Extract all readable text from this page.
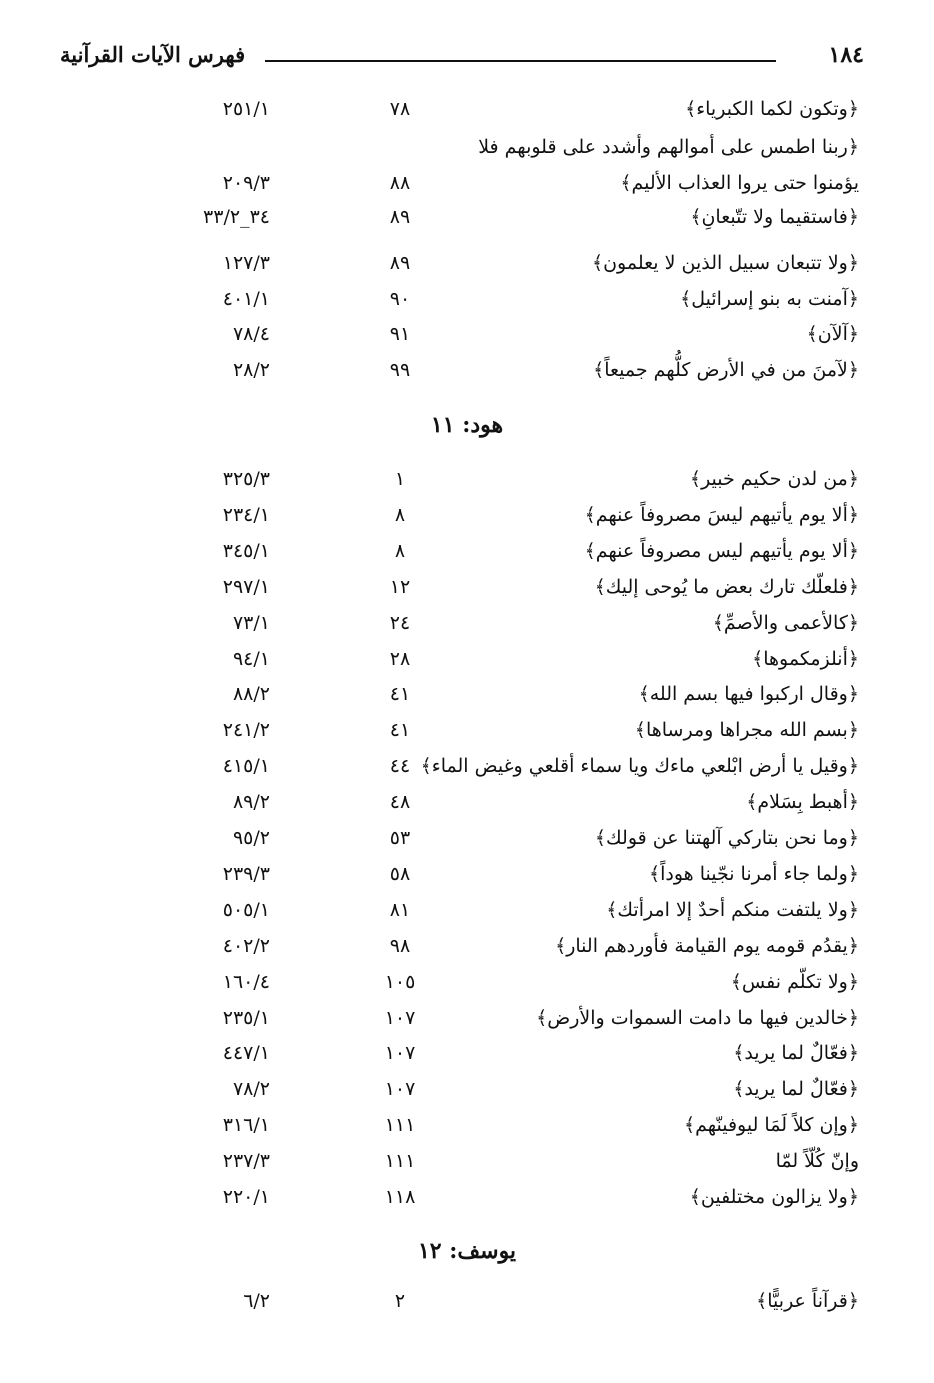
١٨٤
فهرس الآيات القرآنية
﴿وتكون لكما الكبرياء﴾
٧٨
٢٥١/١
﴿ربنا اطمس على أموالهم وأشدد على قلوبهم فلا
يؤمنوا حتى يروا العذاب الأليم﴾
٨٨
٢٠٩/٣
﴿فاستقيما ولا تتّبعانِ﴾
٨٩
٣٤_٣٣/٢
﴿ولا تتبعان سبيل الذين لا يعلمون﴾
٨٩
١٢٧/٣
﴿آمنت به بنو إسرائيل﴾
٩٠
٤٠١/١
﴿آلآن﴾
٩١
٧٨/٤
﴿لآمنَ من في الأرض كلُّهم جميعاً﴾
٩٩
٢٨/٢
هود: ١١
﴿من لدن حكيم خبير﴾
١
٣٢٥/٣
﴿ألا يوم يأتيهم ليسَ مصروفاً عنهم﴾
٨
٢٣٤/١
﴿ألا يوم يأتيهم ليس مصروفاً عنهم﴾
٨
٣٤٥/١
﴿فلعلّك تارك بعض ما يُوحى إليك﴾
١٢
٢٩٧/١
﴿كالأعمى والأصمِّ﴾
٢٤
٧٣/١
﴿أنلزمكموها﴾
٢٨
٩٤/١
﴿وقال اركبوا فيها بسم الله﴾
٤١
٨٨/٢
﴿بسم الله مجراها ومرساها﴾
٤١
٢٤١/٢
﴿وقيل يا أرض ابْلعي ماءك ويا سماء أقلعي وغيض الماء﴾
٤٤
٤١٥/١
﴿أهبط بِسَلام﴾
٤٨
٨٩/٢
﴿وما نحن بتاركي آلهتنا عن قولك﴾
٥٣
٩٥/٢
﴿ولما جاء أمرنا نجّينا هوداً﴾
٥٨
٢٣٩/٣
﴿ولا يلتفت منكم أحدٌ إلا امرأتك﴾
٨١
٥٠٥/١
﴿يقدُم قومه يوم القيامة فأوردهم النار﴾
٩٨
٤٠٢/٢
﴿ولا تكلّم نفس﴾
١٠٥
١٦٠/٤
﴿خالدين فيها ما دامت السموات والأرض﴾
١٠٧
٢٣٥/١
﴿فعّالٌ لما يريد﴾
١٠٧
٤٤٧/١
﴿فعّالٌ لما يريد﴾
١٠٧
٧٨/٢
﴿وإن كلاً لَمَا ليوفينّهم﴾
١١١
٣١٦/١
وإنّ كُلّاً لمّا
١١١
٢٣٧/٣
﴿ولا يزالون مختلفين﴾
١١٨
٢٢٠/١
يوسف: ١٢
﴿قرآناً عربيًّا﴾
٢
٦/٢
